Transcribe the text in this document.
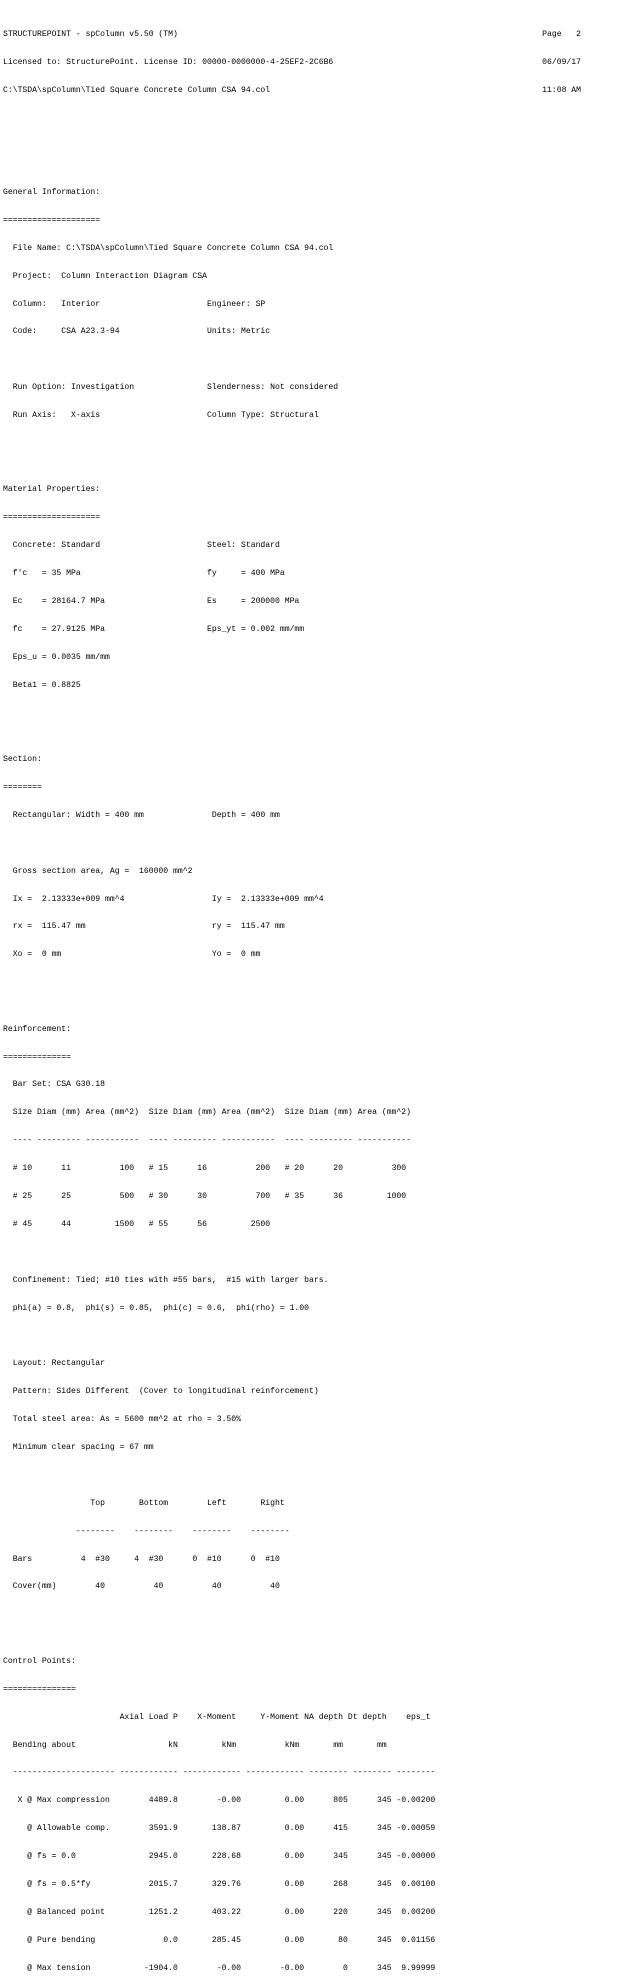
STRUCTUREPOINT - spColumn v5.50 (TM)	Page   2

Licensed to: StructurePoint. License ID: 00000-0000000-4-25EF2-2C6B6	06/09/17

C:\TSDA\spColumn\Tied Square Concrete Column CSA 94.col	11:08 AM

General Information:

====================

File Name: C:\TSDA\spColumn\Tied Square Concrete Column CSA 94.col

Project:  Column Interaction Diagram CSA

Column:   Interior                      Engineer: SP

Code:     CSA A23.3-94                  Units: Metric

Run Option: Investigation               Slenderness: Not considered

Run Axis:   X-axis                      Column Type: Structural

Material Properties:

====================

Concrete: Standard                      Steel: Standard

f'c   = 35 MPa                          fy     = 400 MPa

Ec    = 28164.7 MPa                     Es     = 200000 MPa

fc    = 27.9125 MPa                     Eps_yt = 0.002 mm/mm

Eps_u = 0.0035 mm/mm

Beta1 = 0.8825

Section:

========

Rectangular: Width = 400 mm              Depth = 400 mm

Gross section area, Ag =  160000 mm^2

Ix =  2.13333e+009 mm^4                  Iy =  2.13333e+009 mm^4

rx =  115.47 mm                          ry =  115.47 mm

Xo =  0 mm                               Yo =  0 mm

Reinforcement:

==============

Bar Set: CSA G30.18

Size Diam (mm) Area (mm^2)  Size Diam (mm) Area (mm^2)  Size Diam (mm) Area (mm^2)

---- --------- -----------  ---- --------- -----------  ---- --------- -----------

# 10      11          100   # 15      16          200   # 20      20          300

# 25      25          500   # 30      30          700   # 35      36         1000

# 45      44         1500   # 55      56         2500

Confinement: Tied; #10 ties with #55 bars,  #15 with larger bars.

phi(a) = 0.8,  phi(s) = 0.85,  phi(c) = 0.6,  phi(rho) = 1.00

Layout: Rectangular

Pattern: Sides Different  (Cover to longitudinal reinforcement)

Total steel area: As = 5600 mm^2 at rho = 3.50%

Minimum clear spacing = 67 mm

Top       Bottom        Left       Right

--------    --------    --------    --------

Bars          4  #30     4  #30      0  #10      0  #10

Cover(mm)        40          40          40          40

Control Points:

===============

Axial Load P    X-Moment     Y-Moment NA depth Dt depth    eps_t

Bending about                   kN         kNm          kNm       mm       mm

--------------------- ------------ ------------ ------------ -------- -------- --------

X @ Max compression        4489.8        -0.00         0.00      805      345 -0.00200

@ Allowable comp.        3591.9       138.87         0.00      415      345 -0.00059

@ fs = 0.0               2945.0       228.68         0.00      345      345 -0.00000

@ fs = 0.5*fy            2015.7       329.76         0.00      268      345  0.00100

@ Balanced point         1251.2       403.22         0.00      220      345  0.00200

@ Pure bending              0.0       285.45         0.00       80      345  0.01156

@ Max tension           -1904.0        -0.00        -0.00        0      345  9.99999
